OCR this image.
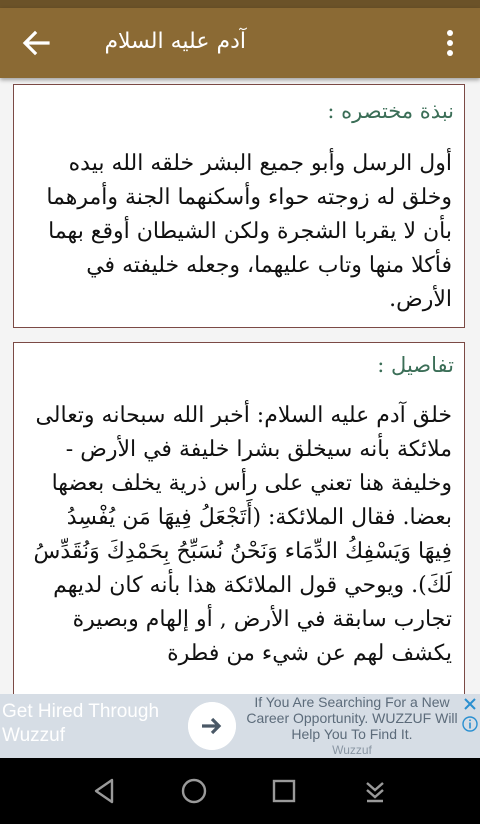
آدم عليه السلام
نبذة مختصره :
أول الرسل وأبو جميع البشر خلقه الله بيده وخلق له زوجته حواء وأسكنهما الجنة وأمرهما بأن لا يقربا الشجرة ولكن الشيطان أوقع بهما فأكلا منها وتاب عليهما، وجعله خليفته في الأرض.
تفاصيل :
خلق آدم عليه السلام: أخبر الله سبحانه وتعالى ملائكة بأنه سيخلق بشرا خليفة في الأرض - وخليفة هنا تعني على رأس ذرية يخلف بعضها بعضا. فقال الملائكة: (أَتَجْعَلُ فِيهَا مَن يُفْسِدُ فِيهَا وَيَسْفِكُ الدِّمَاء وَنَحْنُ نُسَبِّحُ بِحَمْدِكَ وَنُقَدِّسُ لَكَ). ويوحي قول الملائكة هذا بأنه كان لديهم تجارب سابقة في الأرض , أو إلهام وبصيرة يكشف لهم عن شيء من فطرة
Get Hired Through Wuzzuf
If You Are Searching For a New Career Opportunity. WUZZUF Will Help You To Find It.
Wuzzuf
